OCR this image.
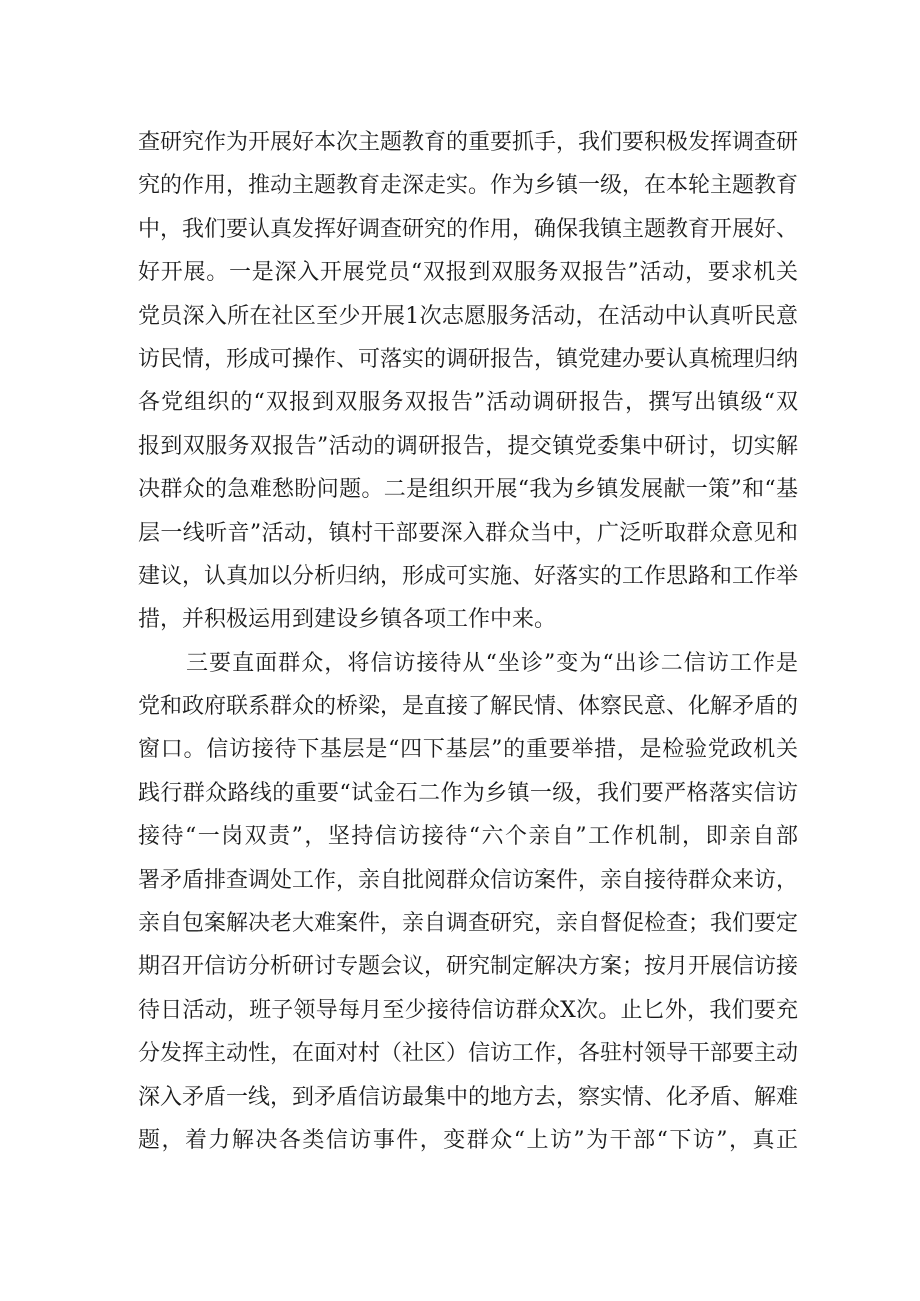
查研究作为开展好本次主题教育的重要抓手，我们要积极发挥调查研
究的作用，推动主题教育走深走实。作为乡镇一级，在本轮主题教育
中，我们要认真发挥好调查研究的作用，确保我镇主题教育开展好、
好开展。一是深入开展党员“双报到双服务双报告”活动，要求机关
党员深入所在社区至少开展1次志愿服务活动，在活动中认真听民意
访民情，形成可操作、可落实的调研报告，镇党建办要认真梳理归纳
各党组织的“双报到双服务双报告”活动调研报告，撰写出镇级“双
报到双服务双报告”活动的调研报告，提交镇党委集中研讨，切实解
决群众的急难愁盼问题。二是组织开展“我为乡镇发展献一策”和“基
层一线听音”活动，镇村干部要深入群众当中，广泛听取群众意见和
建议，认真加以分析归纳，形成可实施、好落实的工作思路和工作举
措，并积极运用到建设乡镇各项工作中来。
三要直面群众，将信访接待从“坐诊”变为“出诊二信访工作是
党和政府联系群众的桥梁，是直接了解民情、体察民意、化解矛盾的
窗口。信访接待下基层是“四下基层”的重要举措，是检验党政机关
践行群众路线的重要“试金石二作为乡镇一级，我们要严格落实信访
接待“一岗双责”，坚持信访接待“六个亲自”工作机制，即亲自部
署矛盾排查调处工作，亲自批阅群众信访案件，亲自接待群众来访，
亲自包案解决老大难案件，亲自调查研究，亲自督促检查；我们要定
期召开信访分析研讨专题会议，研究制定解决方案；按月开展信访接
待日活动，班子领导每月至少接待信访群众X次。止匕外，我们要充
分发挥主动性，在面对村（社区）信访工作，各驻村领导干部要主动
深入矛盾一线，到矛盾信访最集中的地方去，察实情、化矛盾、解难
题，着力解决各类信访事件，变群众“上访”为干部“下访”，真正
